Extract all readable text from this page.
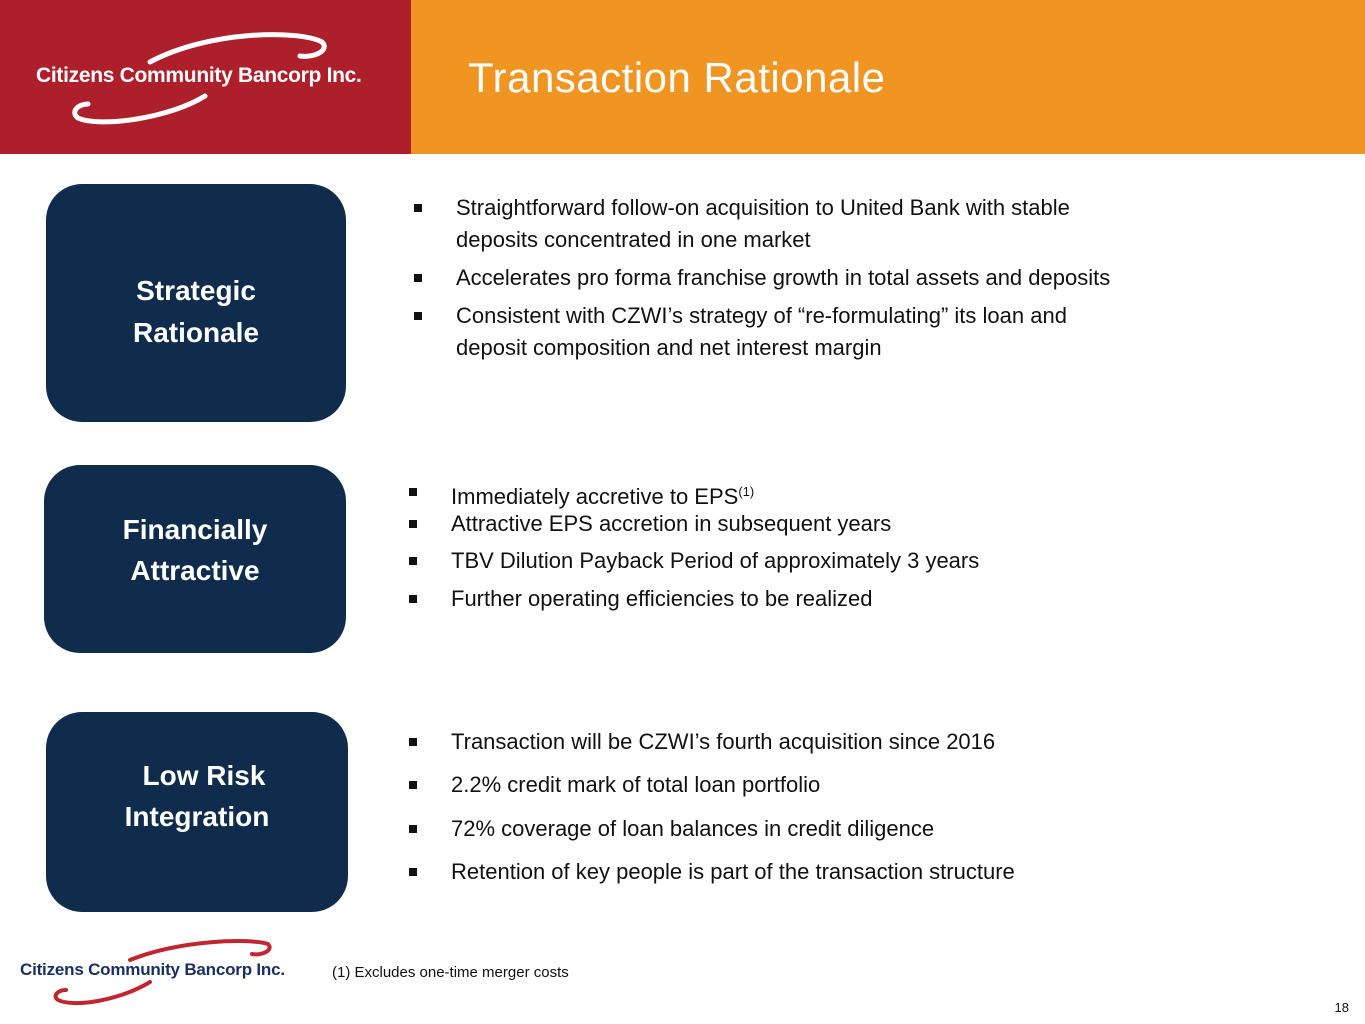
Citizens Community Bancorp Inc.	Transaction Rationale
Strategic
Rationale
Straightforward follow-on acquisition to United Bank with stable
deposits concentrated in one market
Accelerates pro forma franchise growth in total assets and deposits
Consistent with CZWI’s strategy of “re-formulating” its loan and
deposit composition and net interest margin
Financially
Attractive
Immediately accretive to EPS$^{(1)}$
Attractive EPS accretion in subsequent years
TBV Dilution Payback Period of approximately 3 years
Further operating efficiencies to be realized
Low Risk
Integration
Transaction will be CZWI’s fourth acquisition since 2016
2.2% credit mark of total loan portfolio
72% coverage of loan balances in credit diligence
Retention of key people is part of the transaction structure
Citizens Community Bancorp Inc.	(1) Excludes one-time merger costs
18
